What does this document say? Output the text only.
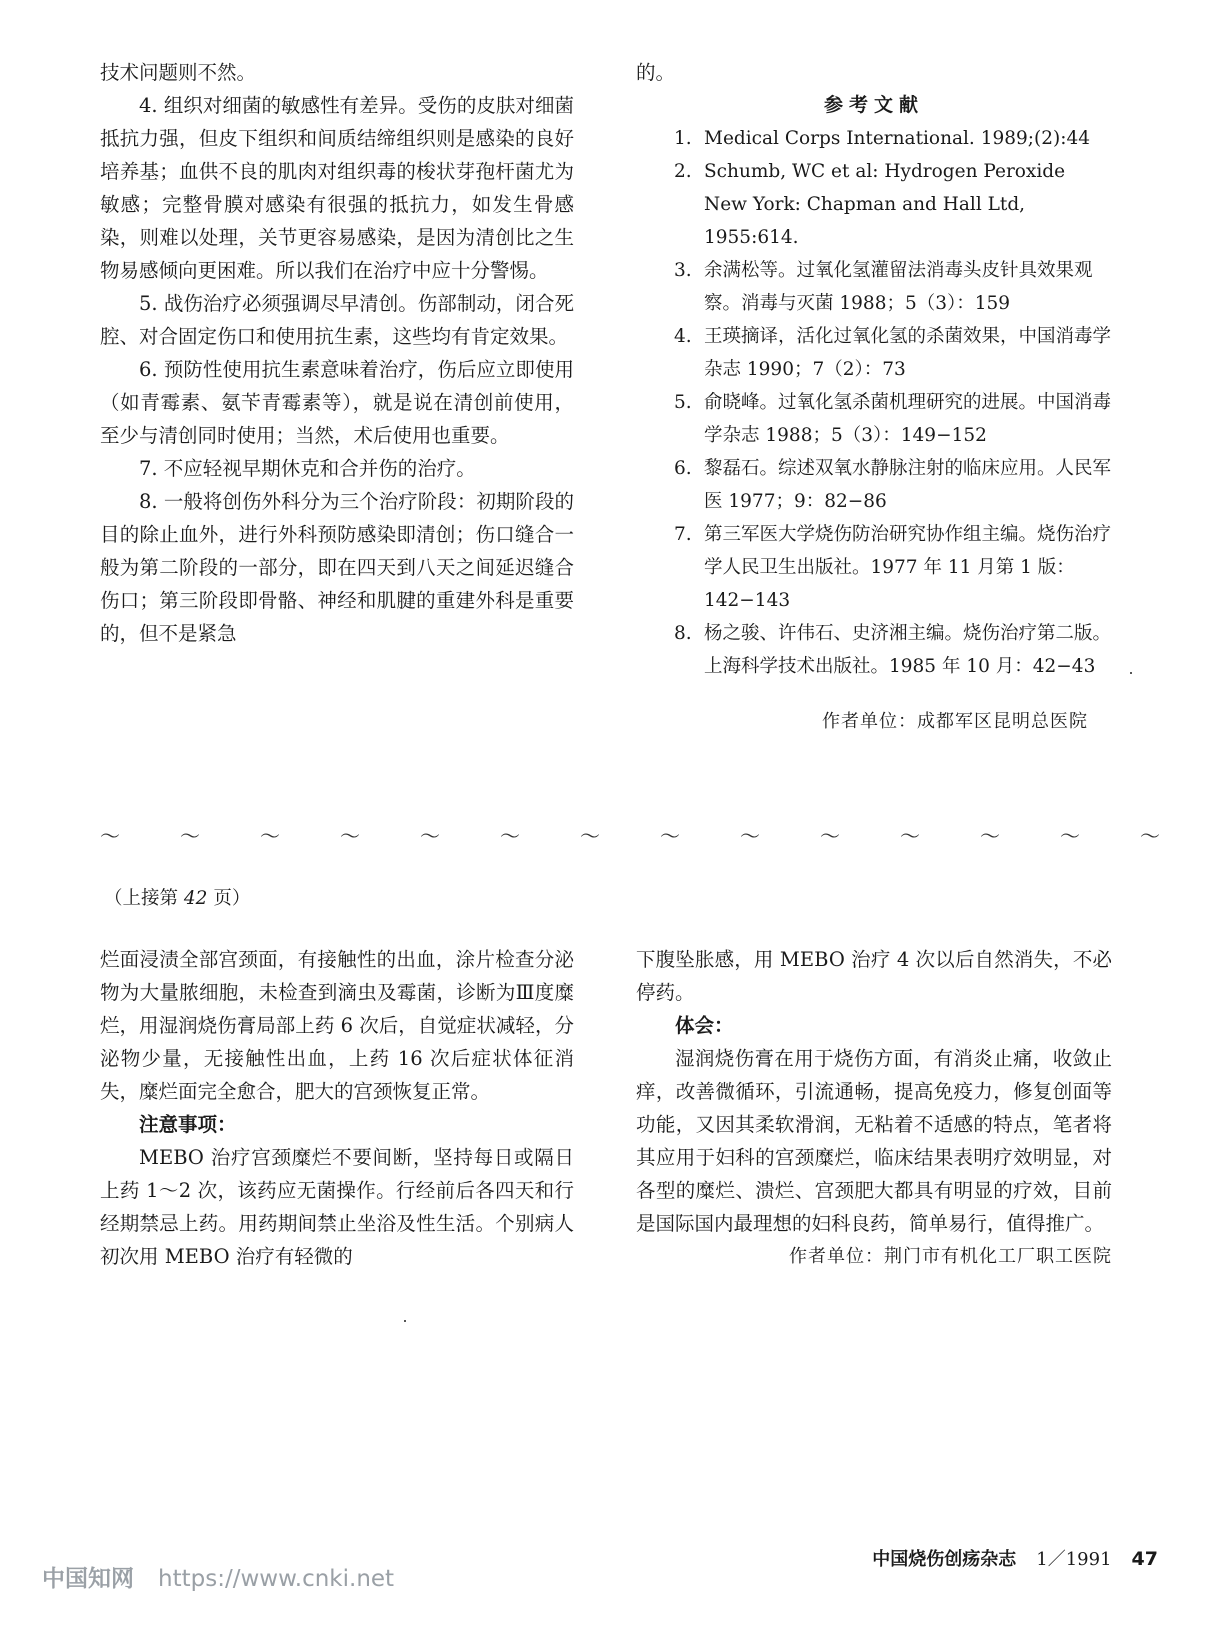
技术问题则不然。

4. 组织对细菌的敏感性有差异。受伤的皮肤对细菌抵抗力强，但皮下组织和间质结缔组织则是感染的良好培养基；血供不良的肌肉对组织毒的梭状芽孢杆菌尤为敏感；完整骨膜对感染有很强的抵抗力，如发生骨感染，则难以处理，关节更容易感染，是因为清创比之生物易感倾向更困难。所以我们在治疗中应十分警惕。

5. 战伤治疗必须强调尽早清创。伤部制动，闭合死腔、对合固定伤口和使用抗生素，这些均有肯定效果。

6. 预防性使用抗生素意味着治疗，伤后应立即使用（如青霉素、氨苄青霉素等），就是说在清创前使用，至少与清创同时使用；当然，术后使用也重要。

7. 不应轻视早期休克和合并伤的治疗。

8. 一般将创伤外科分为三个治疗阶段：初期阶段的目的除止血外，进行外科预防感染即清创；伤口缝合一般为第二阶段的一部分，即在四天到八天之间延迟缝合伤口；第三阶段即骨骼、神经和肌腱的重建外科是重要的，但不是紧急

的。

参考文献

1. Medical Corps International. 1989;(2):44

2. Schumb, WC et al: Hydrogen Peroxide New York: Chapman and Hall Ltd, 1955:614.

3. 余满松等。过氧化氢灌留法消毒头皮针具效果观察。消毒与灭菌 1988；5（3）：159

4. 王瑛摘译，活化过氧化氢的杀菌效果，中国消毒学杂志 1990；7（2）：73

5. 俞晓峰。过氧化氢杀菌机理研究的进展。中国消毒学杂志 1988；5（3）：149−152

6. 黎磊石。综述双氧水静脉注射的临床应用。人民军医 1977；9：82−86

7. 第三军医大学烧伤防治研究协作组主编。烧伤治疗学人民卫生出版社。1977 年 11 月第 1 版：142−143

8. 杨之骏、许伟石、史济湘主编。烧伤治疗第二版。上海科学技术出版社。1985 年 10 月：42−43

作者单位：成都军区昆明总医院

～	～	～	～	～	～	～	～	～	～	～	～	～	～
（上接第 42 页）

烂面浸渍全部宫颈面，有接触性的出血，涂片检查分泌物为大量脓细胞，未检查到滴虫及霉菌，诊断为Ⅲ度糜烂，用湿润烧伤膏局部上药 6 次后，自觉症状减轻，分泌物少量，无接触性出血，上药 16 次后症状体征消失，糜烂面完全愈合，肥大的宫颈恢复正常。

注意事项：

MEBO 治疗宫颈糜烂不要间断，坚持每日或隔日上药 1～2 次，该药应无菌操作。行经前后各四天和行经期禁忌上药。用药期间禁止坐浴及性生活。个别病人初次用 MEBO 治疗有轻微的

下腹坠胀感，用 MEBO 治疗 4 次以后自然消失，不必停药。

体会：

湿润烧伤膏在用于烧伤方面，有消炎止痛，收敛止痒，改善微循环，引流通畅，提高免疫力，修复创面等功能，又因其柔软滑润，无粘着不适感的特点，笔者将其应用于妇科的宫颈糜烂，临床结果表明疗效明显，对各型的糜烂、溃烂、宫颈肥大都具有明显的疗效，目前是国际国内最理想的妇科良药，简单易行，值得推广。

作者单位：荆门市有机化工厂职工医院

中国烧伤创疡杂志 1／1991 47
中国知网 https://www.cnki.net
